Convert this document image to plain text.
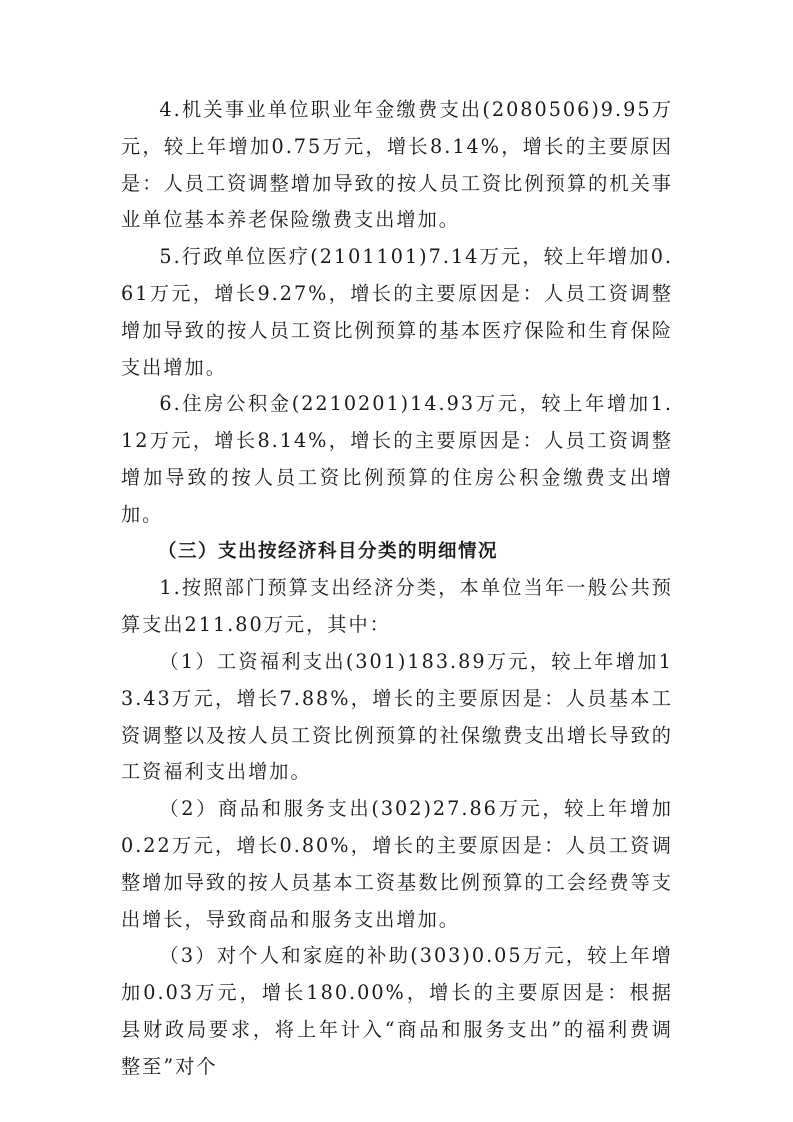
4.机关事业单位职业年金缴费支出(2080506)9.95万元，较上年增加0.75万元，增长8.14%，增长的主要原因是：人员工资调整增加导致的按人员工资比例预算的机关事业单位基本养老保险缴费支出增加。

5.行政单位医疗(2101101)7.14万元，较上年增加0.61万元，增长9.27%，增长的主要原因是：人员工资调整增加导致的按人员工资比例预算的基本医疗保险和生育保险支出增加。

6.住房公积金(2210201)14.93万元，较上年增加1.12万元，增长8.14%，增长的主要原因是：人员工资调整增加导致的按人员工资比例预算的住房公积金缴费支出增加。

（三）支出按经济科目分类的明细情况

1.按照部门预算支出经济分类，本单位当年一般公共预算支出211.80万元，其中：

（1）工资福利支出(301)183.89万元，较上年增加13.43万元，增长7.88%，增长的主要原因是：人员基本工资调整以及按人员工资比例预算的社保缴费支出增长导致的工资福利支出增加。

（2）商品和服务支出(302)27.86万元，较上年增加0.22万元，增长0.80%，增长的主要原因是：人员工资调整增加导致的按人员基本工资基数比例预算的工会经费等支出增长，导致商品和服务支出增加。

（3）对个人和家庭的补助(303)0.05万元，较上年增加0.03万元，增长180.00%，增长的主要原因是：根据县财政局要求，将上年计入“商品和服务支出”的福利费调整至”对个
